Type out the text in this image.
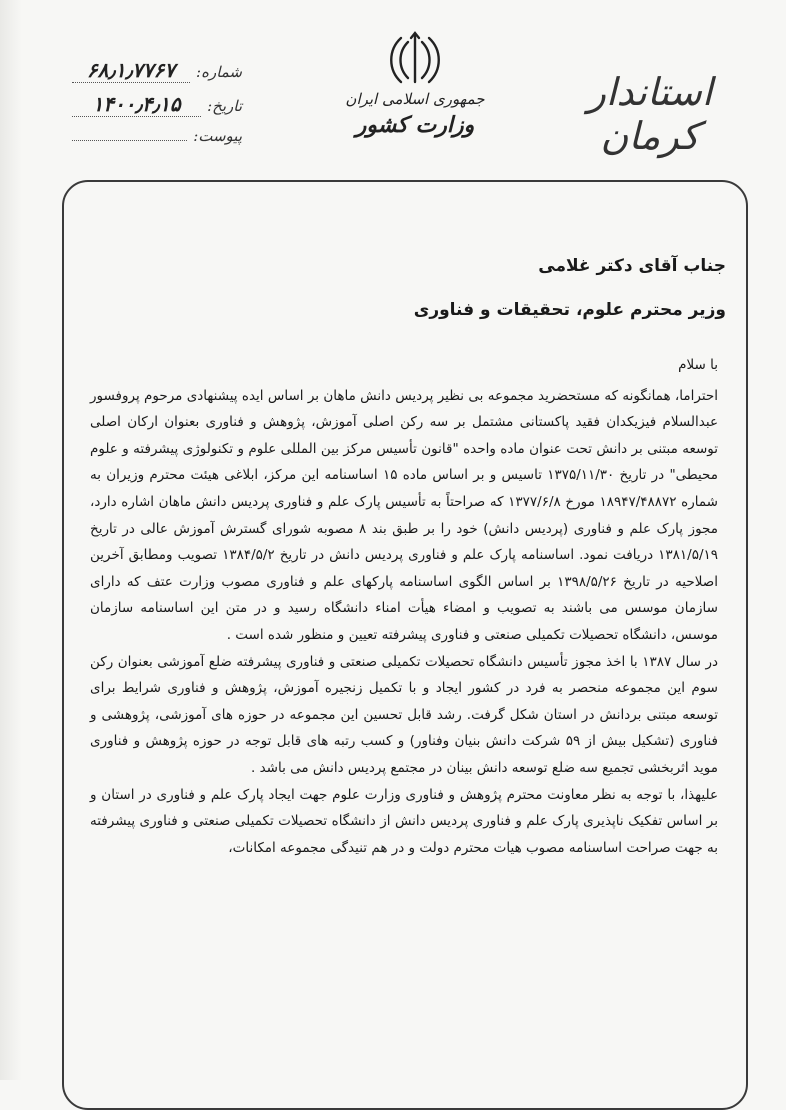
شماره:
۶۸٫۱٫۷۷۶۷
تاریخ:
۱۴۰۰٫۴٫۱۵
پیوست:
جمهوری اسلامی ایران
وزارت کشور
استاندار کرمان

جناب آقای دکتر غلامی

وزیر محترم علوم، تحقیقات و فناوری

با سلام

احتراما، همانگونه که مستحضرید مجموعه بی نظیر پردیس دانش ماهان بر اساس ایده پیشنهادی مرحوم پروفسور عبدالسلام فیزیکدان فقید پاکستانی مشتمل بر سه رکن اصلی آموزش، پژوهش و فناوری بعنوان ارکان اصلی توسعه مبتنی بر دانش تحت عنوان ماده واحده "قانون تأسیس مرکز بین المللی علوم و تکنولوژی پیشرفته و علوم محیطی" در تاریخ ۱۳۷۵/۱۱/۳۰ تاسیس و بر اساس ماده ۱۵ اساسنامه این مرکز، ابلاغی هیئت محترم وزیران به شماره ۱۸۹۴۷/۴۸۸۷۲ مورخ ۱۳۷۷/۶/۸ که صراحتاً به تأسیس پارک علم و فناوری پردیس دانش ماهان اشاره دارد، مجوز پارک علم و فناوری (پردیس دانش) خود را بر طبق بند ۸ مصوبه شورای گسترش آموزش عالی در تاریخ ۱۳۸۱/۵/۱۹ دریافت نمود. اساسنامه پارک علم و فناوری پردیس دانش در تاریخ ۱۳۸۴/۵/۲ تصویب ومطابق آخرین اصلاحیه در تاریخ ۱۳۹۸/۵/۲۶ بر اساس الگوی اساسنامه پارکهای علم و فناوری مصوب وزارت عتف که دارای سازمان موسس می باشند به تصویب و امضاء هیأت امناء دانشگاه رسید و در متن این اساسنامه سازمان موسس، دانشگاه تحصیلات تکمیلی صنعتی و فناوری پیشرفته تعیین و منظور شده است .

در سال ۱۳۸۷ با اخذ مجوز تأسیس دانشگاه تحصیلات تکمیلی صنعتی و فناوری پیشرفته ضلع آموزشی بعنوان رکن سوم این مجموعه منحصر به فرد در کشور ایجاد و با تکمیل زنجیره آموزش، پژوهش و فناوری شرایط برای توسعه مبتنی بردانش در استان شکل گرفت. رشد قابل تحسین این مجموعه در حوزه های آموزشی، پژوهشی و فناوری (تشکیل بیش از ۵۹ شرکت دانش بنیان وفناور) و کسب رتبه های قابل توجه در حوزه پژوهش و فناوری موید اثربخشی تجمیع سه ضلع توسعه دانش بینان در مجتمع پردیس دانش می باشد .

علیهذا، با توجه به نظر معاونت محترم پژوهش و فناوری وزارت علوم جهت ایجاد پارک علم و فناوری در استان و بر اساس تفکیک ناپذیری پارک علم و فناوری پردیس دانش از دانشگاه تحصیلات تکمیلی صنعتی و فناوری پیشرفته به جهت صراحت اساسنامه مصوب هیات محترم دولت و در هم تنیدگی مجموعه امکانات،
